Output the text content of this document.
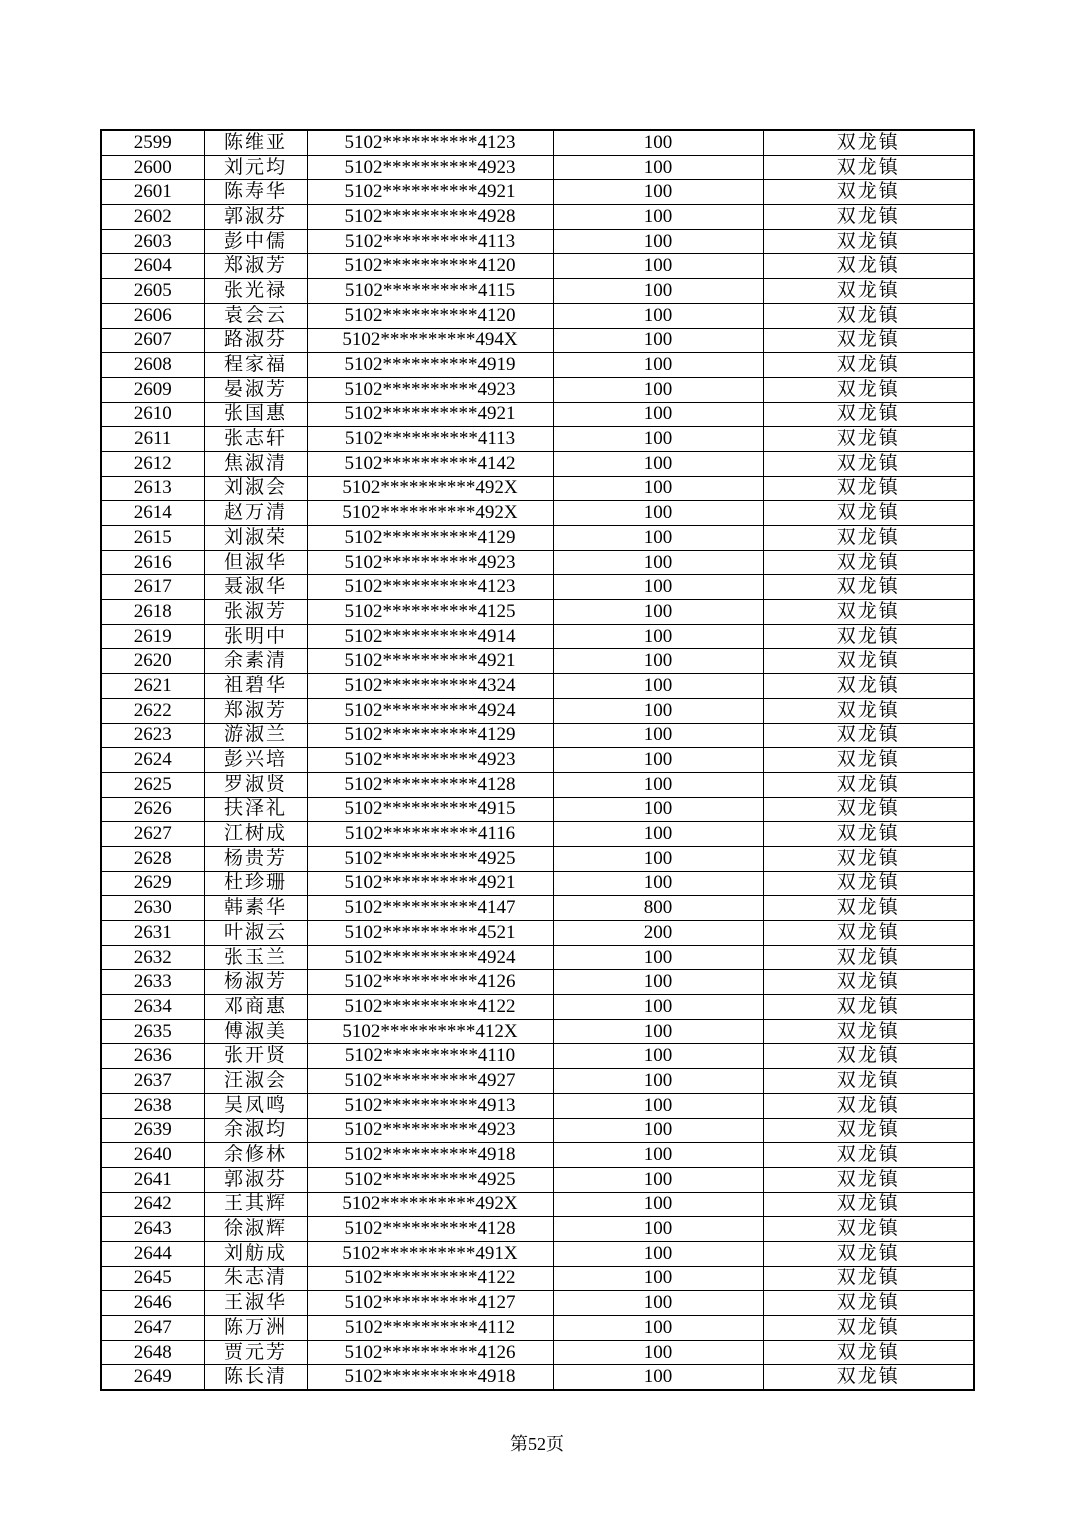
2599	陈维亚	5102**********4123	100	双龙镇
2600	刘元均	5102**********4923	100	双龙镇
2601	陈寿华	5102**********4921	100	双龙镇
2602	郭淑芬	5102**********4928	100	双龙镇
2603	彭中儒	5102**********4113	100	双龙镇
2604	郑淑芳	5102**********4120	100	双龙镇
2605	张光禄	5102**********4115	100	双龙镇
2606	袁会云	5102**********4120	100	双龙镇
2607	路淑芬	5102**********494X	100	双龙镇
2608	程家福	5102**********4919	100	双龙镇
2609	晏淑芳	5102**********4923	100	双龙镇
2610	张国惠	5102**********4921	100	双龙镇
2611	张志轩	5102**********4113	100	双龙镇
2612	焦淑清	5102**********4142	100	双龙镇
2613	刘淑会	5102**********492X	100	双龙镇
2614	赵万清	5102**********492X	100	双龙镇
2615	刘淑荣	5102**********4129	100	双龙镇
2616	但淑华	5102**********4923	100	双龙镇
2617	聂淑华	5102**********4123	100	双龙镇
2618	张淑芳	5102**********4125	100	双龙镇
2619	张明中	5102**********4914	100	双龙镇
2620	余素清	5102**********4921	100	双龙镇
2621	祖碧华	5102**********4324	100	双龙镇
2622	郑淑芳	5102**********4924	100	双龙镇
2623	游淑兰	5102**********4129	100	双龙镇
2624	彭兴培	5102**********4923	100	双龙镇
2625	罗淑贤	5102**********4128	100	双龙镇
2626	扶泽礼	5102**********4915	100	双龙镇
2627	江树成	5102**********4116	100	双龙镇
2628	杨贵芳	5102**********4925	100	双龙镇
2629	杜珍珊	5102**********4921	100	双龙镇
2630	韩素华	5102**********4147	800	双龙镇
2631	叶淑云	5102**********4521	200	双龙镇
2632	张玉兰	5102**********4924	100	双龙镇
2633	杨淑芳	5102**********4126	100	双龙镇
2634	邓商惠	5102**********4122	100	双龙镇
2635	傅淑美	5102**********412X	100	双龙镇
2636	张开贤	5102**********4110	100	双龙镇
2637	汪淑会	5102**********4927	100	双龙镇
2638	吴凤鸣	5102**********4913	100	双龙镇
2639	余淑均	5102**********4923	100	双龙镇
2640	余修林	5102**********4918	100	双龙镇
2641	郭淑芬	5102**********4925	100	双龙镇
2642	王其辉	5102**********492X	100	双龙镇
2643	徐淑辉	5102**********4128	100	双龙镇
2644	刘舫成	5102**********491X	100	双龙镇
2645	朱志清	5102**********4122	100	双龙镇
2646	王淑华	5102**********4127	100	双龙镇
2647	陈万洲	5102**********4112	100	双龙镇
2648	贾元芳	5102**********4126	100	双龙镇
2649	陈长清	5102**********4918	100	双龙镇
第52页
